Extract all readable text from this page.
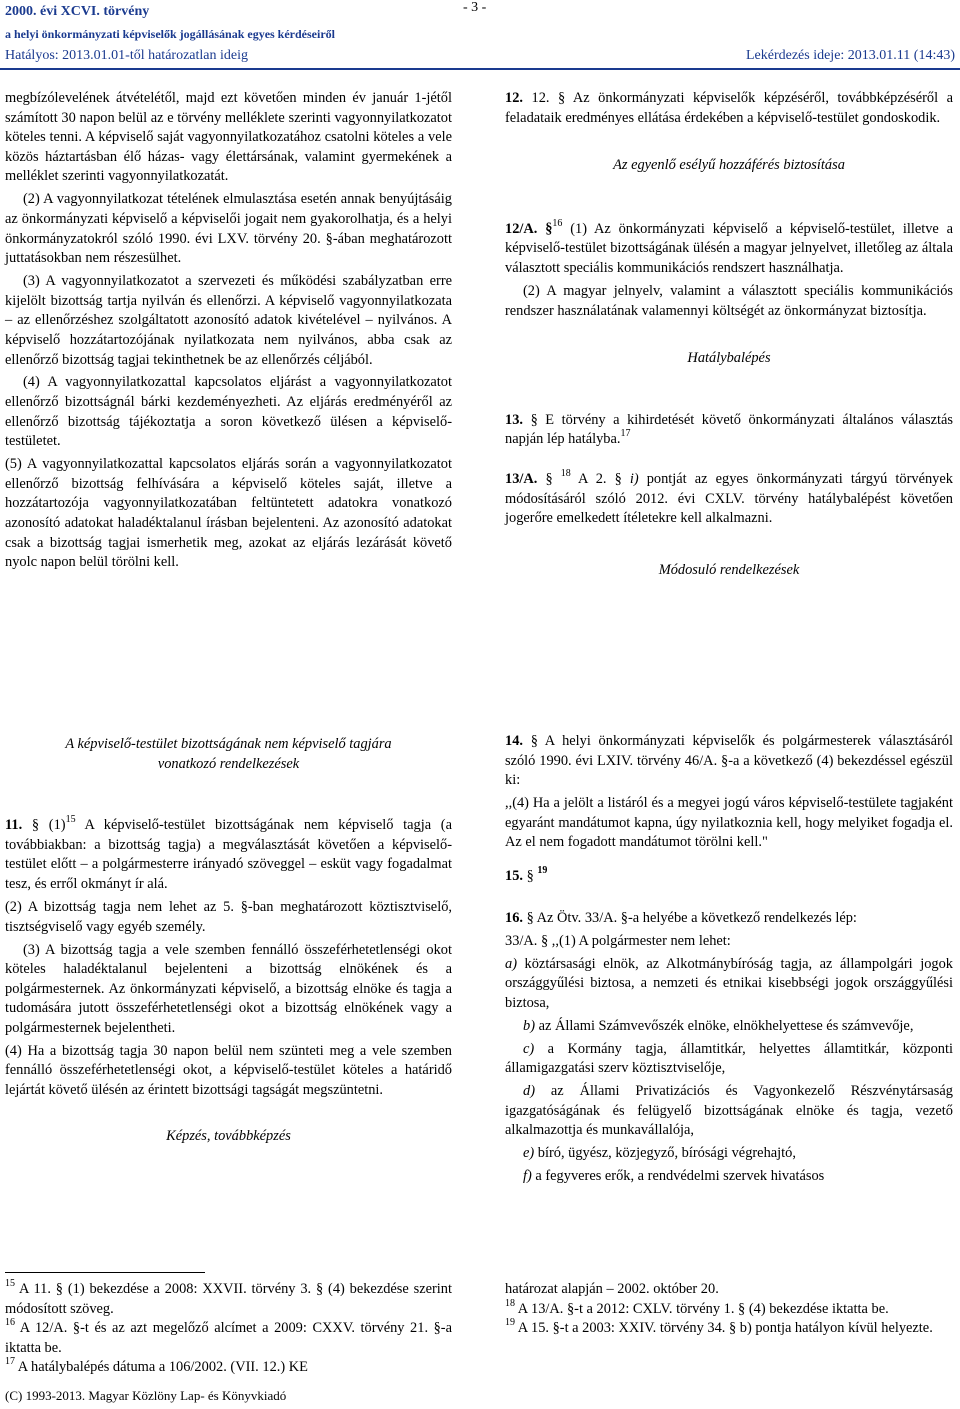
2000. évi XCVI. törvény
a helyi önkormányzati képviselők jogállásának egyes kérdéseiről
Hatályos: 2013.01.01-től határozatlan ideig
- 3 -
Lekérdezés ideje: 2013.01.11 (14:43)

megbízólevelének átvételétől, majd ezt követően minden év január 1-jétől számított 30 napon belül az e törvény melléklete szerinti vagyonnyilatkozatot köteles tenni. A képviselő saját vagyonnyilatkozatához csatolni köteles a vele közös háztartásban élő házas- vagy élettársának, valamint gyermekének a melléklet szerinti vagyonnyilatkozatát.

(2) A vagyonnyilatkozat tételének elmulasztása esetén annak benyújtásáig az önkormányzati képviselő a képviselői jogait nem gyakorolhatja, és a helyi önkormányzatokról szóló 1990. évi LXV. törvény 20. §-ában meghatározott juttatásokban nem részesülhet.

(3) A vagyonnyilatkozatot a szervezeti és működési szabályzatban erre kijelölt bizottság tartja nyilván és ellenőrzi. A képviselő vagyonnyilatkozata – az ellenőrzéshez szolgáltatott azonosító adatok kivételével – nyilvános. A képviselő hozzátartozójának nyilatkozata nem nyilvános, abba csak az ellenőrző bizottság tagjai tekinthetnek be az ellenőrzés céljából.

(4) A vagyonnyilatkozattal kapcsolatos eljárást a vagyonnyilatkozatot ellenőrző bizottságnál bárki kezdeményezheti. Az eljárás eredményéről az ellenőrző bizottság tájékoztatja a soron következő ülésen a képviselő-testületet.

(5) A vagyonnyilatkozattal kapcsolatos eljárás során a vagyonnyilatkozatot ellenőrző bizottság felhívására a képviselő köteles saját, illetve a hozzátartozója vagyonnyilatkozatában feltüntetett adatokra vonatkozó azonosító adatokat haladéktalanul írásban bejelenteni. Az azonosító adatokat csak a bizottság tagjai ismerhetik meg, azokat az eljárás lezárását követő nyolc napon belül törölni kell.

A képviselő-testület bizottságának nem képviselő tagjára vonatkozó rendelkezések

11. § $(1)^{15}$ A képviselő-testület bizottságának nem képviselő tagja (a továbbiakban: a bizottság tagja) a megválasztását követően a képviselő-testület előtt – a polgármesterre irányadó szöveggel – esküt vagy fogadalmat tesz, és erről okmányt ír alá.

(2) A bizottság tagja nem lehet az 5. §-ban meghatározott köztisztviselő, tisztségviselő vagy egyéb személy.

(3) A bizottság tagja a vele szemben fennálló összeférhetetlenségi okot köteles haladéktalanul bejelenteni a bizottság elnökének és a polgármesternek. Az önkormányzati képviselő, a bizottság elnöke és tagja a tudomására jutott összeférhetetlenségi okot a bizottság elnökének vagy a polgármesternek bejelentheti.

(4) Ha a bizottság tagja 30 napon belül nem szünteti meg a vele szemben fennálló összeférhetetlenségi okot, a képviselő-testület köteles a határidő lejártát követő ülésén az érintett bizottsági tagságát megszüntetni.

Képzés, továbbképzés

12. 12. § Az önkormányzati képviselők képzéséről, továbbképzéséről a feladataik eredményes ellátása érdekében a képviselő-testület gondoskodik.

Az egyenlő esélyű hozzáférés biztosítása

12/A. §$^{16}$ (1) Az önkormányzati képviselő a képviselő-testület, illetve a képviselő-testület bizottságának ülésén a magyar jelnyelvet, illetőleg az általa választott speciális kommunikációs rendszert használhatja.

(2) A magyar jelnyelv, valamint a választott speciális kommunikációs rendszer használatának valamennyi költségét az önkormányzat biztosítja.

Hatálybalépés

13. § E törvény a kihirdetését követő önkormányzati általános választás napján lép hatályba.$^{17}$

13/A. § $^{18}$ A 2. § i) pontját az egyes önkormányzati tárgyú törvények módosításáról szóló 2012. évi CXLV. törvény hatálybalépést követően jogerőre emelkedett ítéletekre kell alkalmazni.

Módosuló rendelkezések

14. § A helyi önkormányzati képviselők és polgármesterek választásáról szóló 1990. évi LXIV. törvény 46/A. §-a a következő (4) bekezdéssel egészül ki:

,,(4) Ha a jelölt a listáról és a megyei jogú város képviselő-testülete tagjaként egyaránt mandátumot kapna, úgy nyilatkoznia kell, hogy melyiket fogadja el. Az el nem fogadott mandátumot törölni kell."

15. § $^{19}$

16. § Az Ötv. 33/A. §-a helyébe a következő rendelkezés lép:

33/A. § ,,(1) A polgármester nem lehet:

a) köztársasági elnök, az Alkotmánybíróság tagja, az állampolgári jogok országgyűlési biztosa, a nemzeti és etnikai kisebbségi jogok országgyűlési biztosa,

b) az Állami Számvevőszék elnöke, elnökhelyettese és számvevője,

c) a Kormány tagja, államtitkár, helyettes államtitkár, központi államigazgatási szerv köztisztviselője,

d) az Állami Privatizációs és Vagyonkezelő Részvénytársaság igazgatóságának és felügyelő bizottságának elnöke és tagja, vezető alkalmazottja és munkavállalója,

e) bíró, ügyész, közjegyző, bírósági végrehajtó,

f) a fegyveres erők, a rendvédelmi szervek hivatásos

$^{15}$ A 11. § (1) bekezdése a 2008: XXVII. törvény 3. § (4) bekezdése szerint módosított szöveg.

$^{16}$ A 12/A. §-t és az azt megelőző alcímet a 2009: CXXV. törvény 21. §-a iktatta be.

$^{17}$ A hatálybalépés dátuma a 106/2002. (VII. 12.) KE

határozat alapján – 2002. október 20.

$^{18}$ A 13/A. §-t a 2012: CXLV. törvény 1. § (4) bekezdése iktatta be.

$^{19}$ A 15. §-t a 2003: XXIV. törvény 34. § b) pontja hatályon kívül helyezte.

(C) 1993-2013. Magyar Közlöny Lap- és Könyvkiadó
